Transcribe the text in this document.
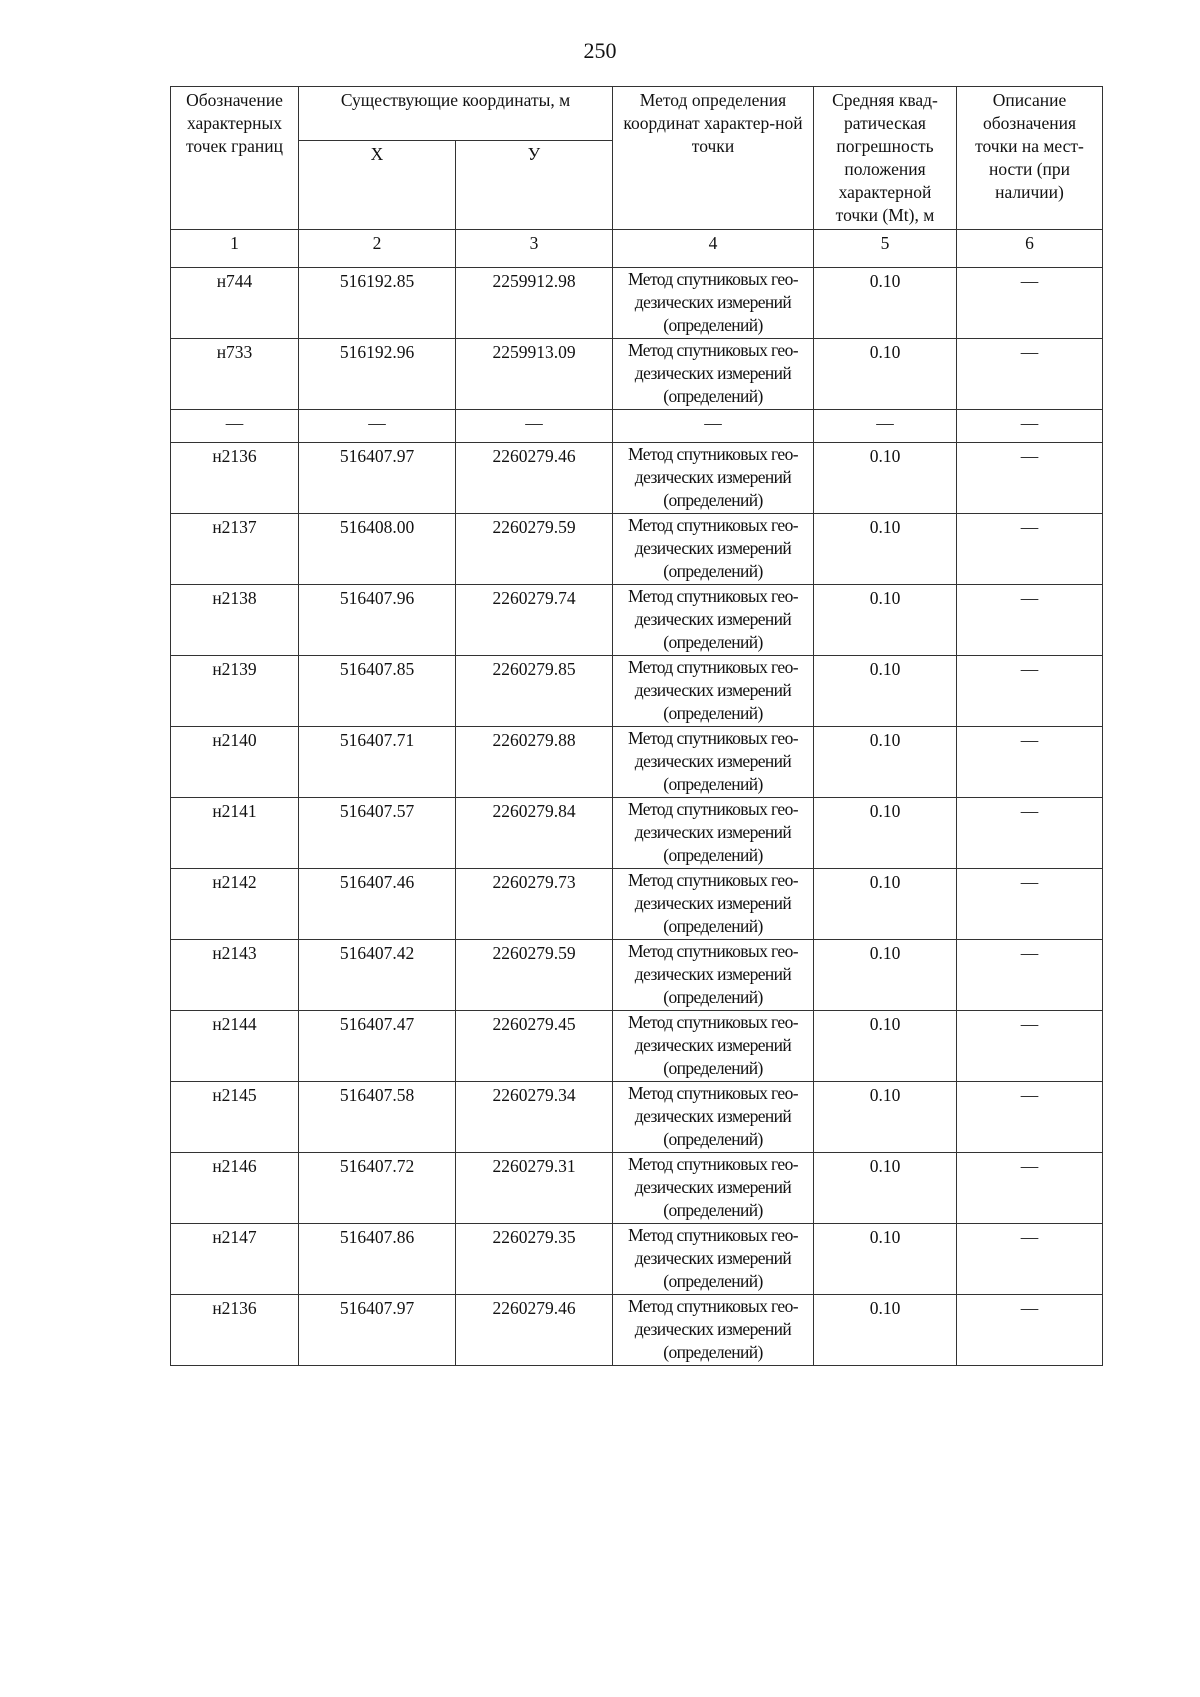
250
Обозначение характерных точек границ	Существующие координаты, м		Метод определения координат характер-ной точки	Средняя квад-ратическая погрешность положения характерной точки (Mt), м	Описание обозначения точки на мест-ности (при наличии)
	X	У			
1	2	3	4	5	6
н744	516192.85	2259912.98	Метод спутниковых гео-дезических измерений (определений)	0.10	—
н733	516192.96	2259913.09	Метод спутниковых гео-дезических измерений (определений)	0.10	—
—	—	—	—	—	—
н2136	516407.97	2260279.46	Метод спутниковых гео-дезических измерений (определений)	0.10	—
н2137	516408.00	2260279.59	Метод спутниковых гео-дезических измерений (определений)	0.10	—
н2138	516407.96	2260279.74	Метод спутниковых гео-дезических измерений (определений)	0.10	—
н2139	516407.85	2260279.85	Метод спутниковых гео-дезических измерений (определений)	0.10	—
н2140	516407.71	2260279.88	Метод спутниковых гео-дезических измерений (определений)	0.10	—
н2141	516407.57	2260279.84	Метод спутниковых гео-дезических измерений (определений)	0.10	—
н2142	516407.46	2260279.73	Метод спутниковых гео-дезических измерений (определений)	0.10	—
н2143	516407.42	2260279.59	Метод спутниковых гео-дезических измерений (определений)	0.10	—
н2144	516407.47	2260279.45	Метод спутниковых гео-дезических измерений (определений)	0.10	—
н2145	516407.58	2260279.34	Метод спутниковых гео-дезических измерений (определений)	0.10	—
н2146	516407.72	2260279.31	Метод спутниковых гео-дезических измерений (определений)	0.10	—
н2147	516407.86	2260279.35	Метод спутниковых гео-дезических измерений (определений)	0.10	—
н2136	516407.97	2260279.46	Метод спутниковых гео-дезических измерений (определений)	0.10	—
